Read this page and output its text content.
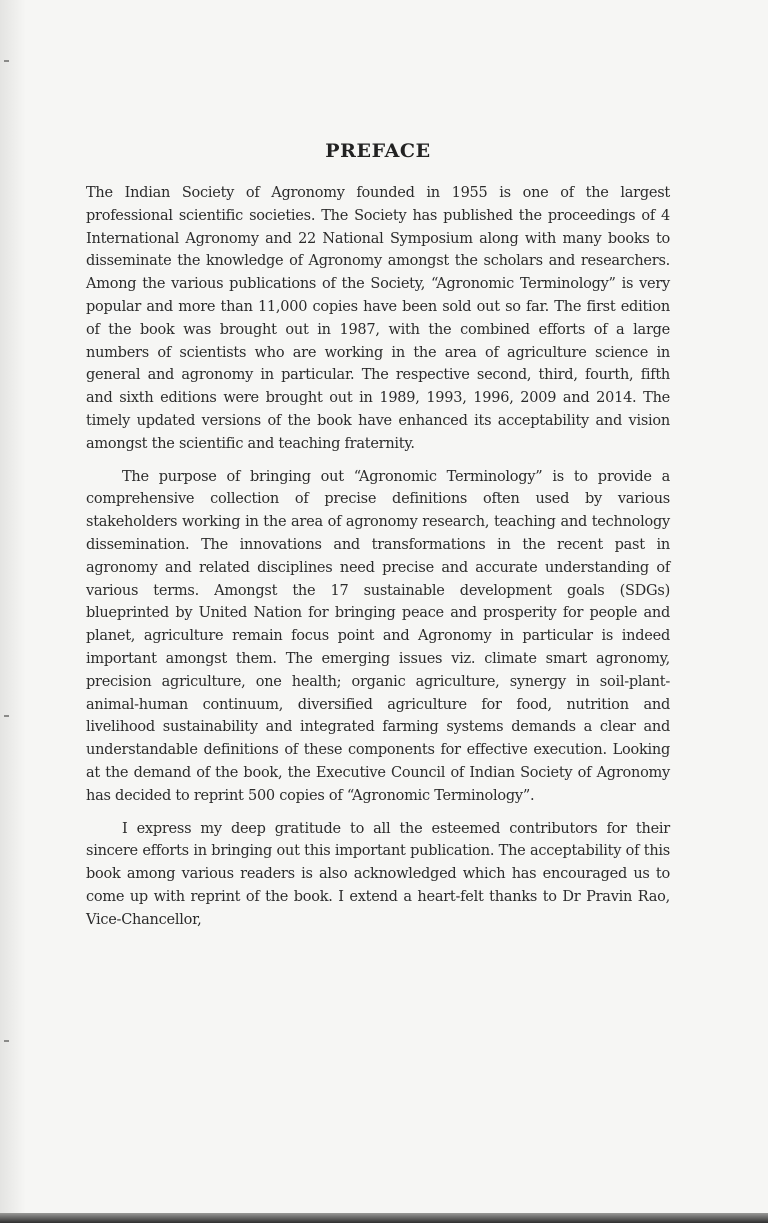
PREFACE

The Indian Society of Agronomy founded in 1955 is one of the largest professional scientific societies. The Society has published the proceedings of 4 International Agronomy and 22 National Symposium along with many books to disseminate the knowledge of Agronomy amongst the scholars and researchers. Among the various publications of the Society, “Agronomic Terminology” is very popular and more than 11,000 copies have been sold out so far. The first edition of the book was brought out in 1987, with the combined efforts of a large numbers of scientists who are working in the area of agriculture science in general and agronomy in particular. The respective second, third, fourth, fifth and sixth editions were brought out in 1989, 1993, 1996, 2009 and 2014. The timely updated versions of the book have enhanced its acceptability and vision amongst the scientific and teaching fraternity.

The purpose of bringing out “Agronomic Terminology” is to provide a comprehensive collection of precise definitions often used by various stakeholders working in the area of agronomy research, teaching and technology dissemination. The innovations and transformations in the recent past in agronomy and related disciplines need precise and accurate understanding of various terms. Amongst the 17 sustainable development goals (SDGs) blueprinted by United Nation for bringing peace and prosperity for people and planet, agriculture remain focus point and Agronomy in particular is indeed important amongst them. The emerging issues viz. climate smart agronomy, precision agriculture, one health; organic agriculture, synergy in soil-plant-animal-human continuum, diversified agriculture for food, nutrition and livelihood sustainability and integrated farming systems demands a clear and understandable definitions of these components for effective execution. Looking at the demand of the book, the Executive Council of Indian Society of Agronomy has decided to reprint 500 copies of “Agronomic Terminology”.

I express my deep gratitude to all the esteemed contributors for their sincere efforts in bringing out this important publication. The acceptability of this book among various readers is also acknowledged which has encouraged us to come up with reprint of the book. I extend a heart-felt thanks to Dr Pravin Rao, Vice-Chancellor,
